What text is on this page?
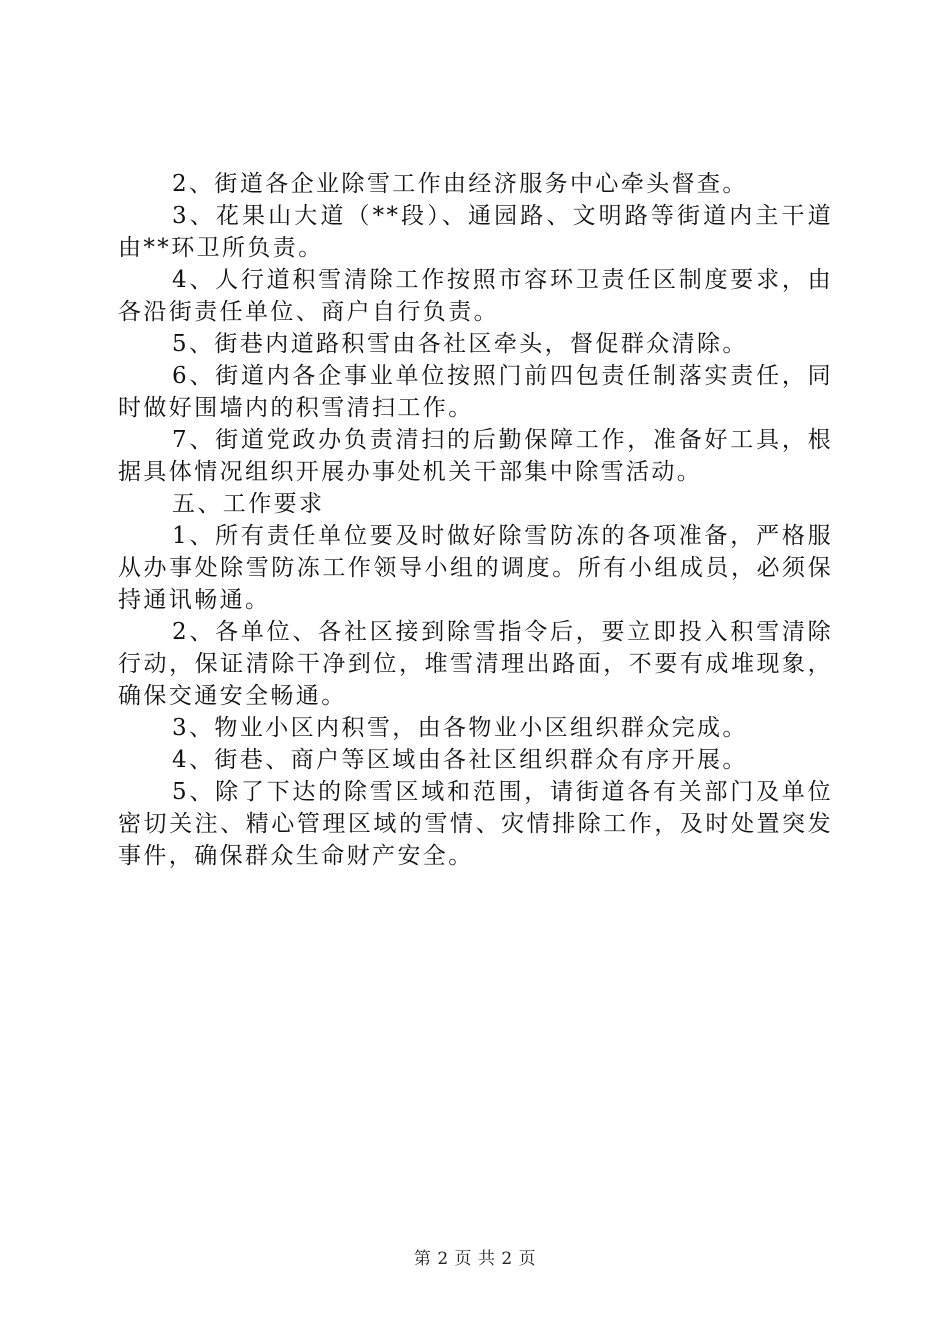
2、街道各企业除雪工作由经济服务中心牵头督查。

3、花果山大道（**段）、通园路、文明路等街道内主干道由**环卫所负责。

4、人行道积雪清除工作按照市容环卫责任区制度要求，由各沿街责任单位、商户自行负责。

5、街巷内道路积雪由各社区牵头，督促群众清除。

6、街道内各企事业单位按照门前四包责任制落实责任，同时做好围墙内的积雪清扫工作。

7、街道党政办负责清扫的后勤保障工作，准备好工具，根据具体情况组织开展办事处机关干部集中除雪活动。

五、工作要求

1、所有责任单位要及时做好除雪防冻的各项准备，严格服从办事处除雪防冻工作领导小组的调度。所有小组成员，必须保持通讯畅通。

2、各单位、各社区接到除雪指令后，要立即投入积雪清除行动，保证清除干净到位，堆雪清理出路面，不要有成堆现象，确保交通安全畅通。

3、物业小区内积雪，由各物业小区组织群众完成。

4、街巷、商户等区域由各社区组织群众有序开展。

5、除了下达的除雪区域和范围，请街道各有关部门及单位密切关注、精心管理区域的雪情、灾情排除工作，及时处置突发事件，确保群众生命财产安全。

第 2 页 共 2 页
